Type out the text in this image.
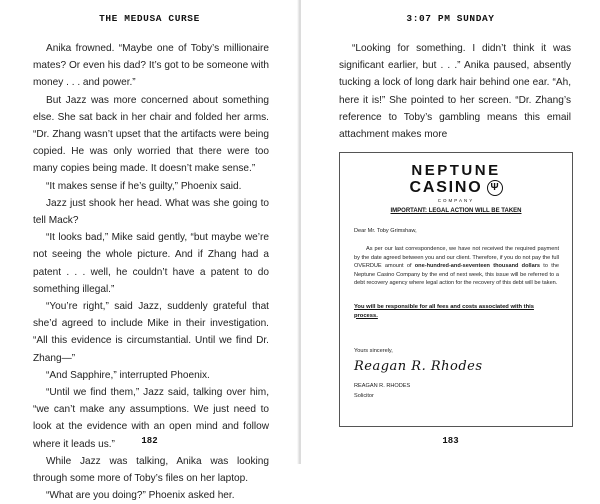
THE MEDUSA CURSE

Anika frowned. “Maybe one of Toby’s millionaire mates? Or even his dad? It’s got to be someone with money . . . and power.”

But Jazz was more concerned about something else. She sat back in her chair and folded her arms. “Dr. Zhang wasn’t upset that the artifacts were being copied. He was only worried that there were too many copies being made. It doesn’t make sense.”

“It makes sense if he’s guilty,” Phoenix said.

Jazz just shook her head. What was she going to tell Mack?

“It looks bad,” Mike said gently, “but maybe we’re not seeing the whole picture. And if Zhang had a patent . . . well, he couldn’t have a patent to do something illegal.”

“You’re right,” said Jazz, suddenly grateful that she’d agreed to include Mike in their investigation. “All this evidence is circumstantial. Until we find Dr. Zhang—”

“And Sapphire,” interrupted Phoenix.

“Until we find them,” Jazz said, talking over him, “we can’t make any assumptions. We just need to look at the evidence with an open mind and follow where it leads us.”

While Jazz was talking, Anika was looking through some more of Toby’s files on her laptop.

“What are you doing?” Phoenix asked her.

182
3:07 PM SUNDAY

“Looking for something. I didn’t think it was significant earlier, but . . .” Anika paused, absently tucking a lock of long dark hair behind one ear. “Ah, here it is!” She pointed to her screen. “Dr. Zhang’s reference to Toby’s gambling means this email attachment makes more

NEPTUNE
CASINO Ψ
COMPANY
IMPORTANT: LEGAL ACTION WILL BE TAKEN
Dear Mr. Toby Grimshaw,

As per our last correspondence, we have not received the required payment by the date agreed between you and our client. Therefore, if you do not pay the full OVERDUE amount of one-hundred-and-seventeen thousand dollars to the Neptune Casino Company by the end of next week, this issue will be referred to a debt recovery agency where legal action for the recovery of this debt will be taken.

You will be responsible for all fees and costs associated with this process.

Yours sincerely,
Reagan R. Rhodes
REAGAN R. RHODES
Solicitor
183
